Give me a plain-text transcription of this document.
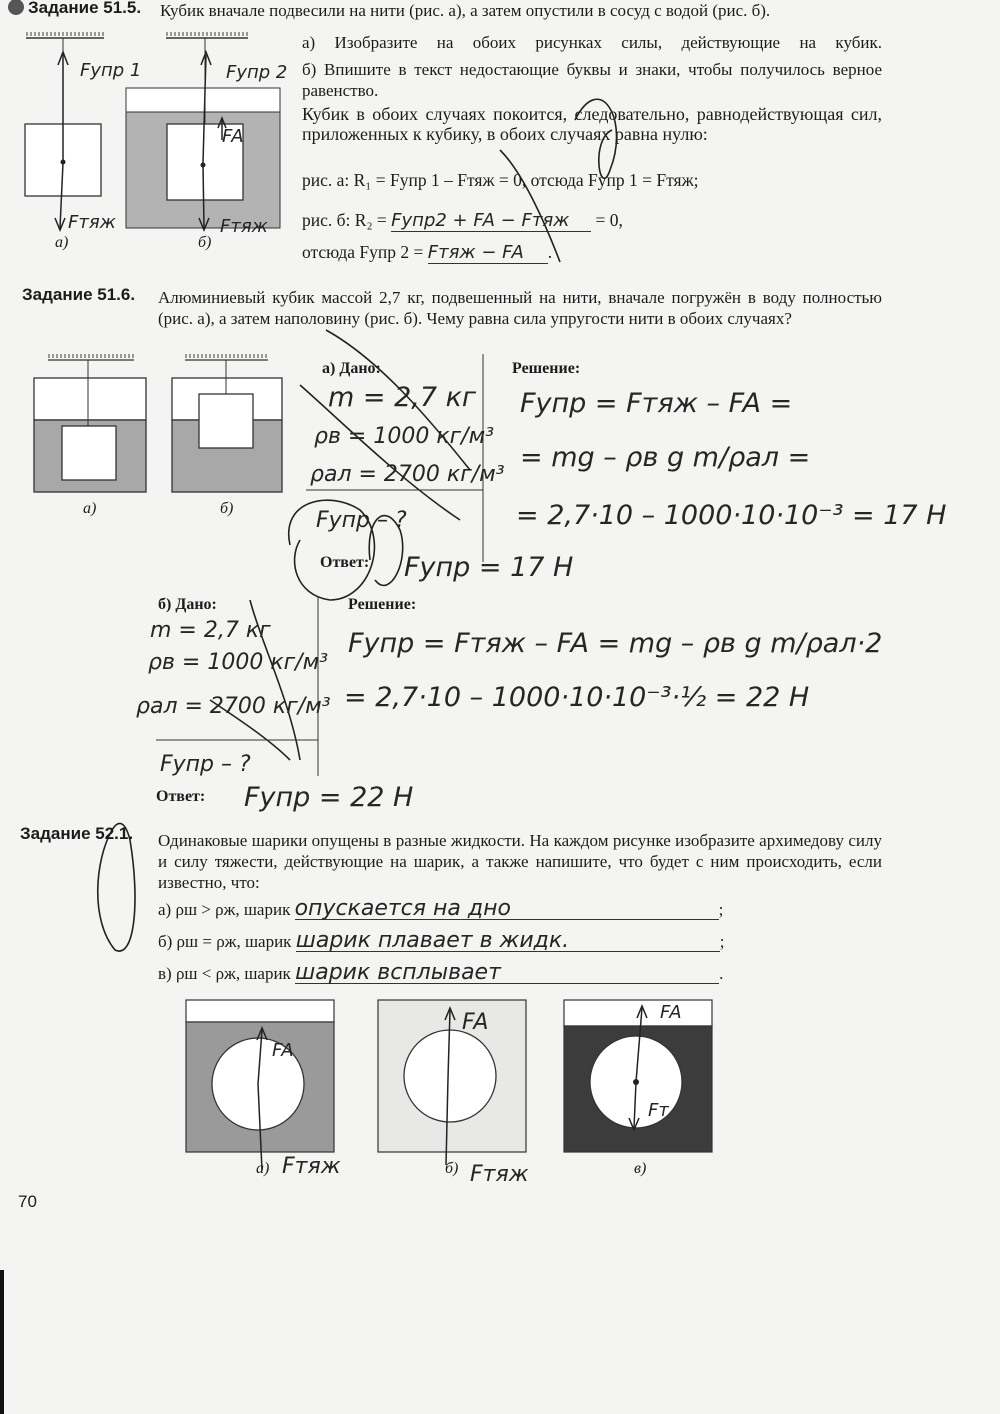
Задание 51.5. Кубик вначале подвесили на нити (рис. а), а затем опустили в сосуд с водой (рис. б).
Fупр 1
Fтяж
Fупр 2
FA
Fтяж
а)	б)
а) Изобразите на обоих рисунках силы, действующие на кубик.
б) Впишите в текст недостающие буквы и знаки, чтобы получилось верное равенство.
Кубик в обоих случаях покоится, следовательно, равнодействующая сил, приложенных к кубику, в обоих случаях равна нулю:
рис. а: R₁ = Fупр 1 – Fтяж = 0, отсюда Fупр 1 = Fтяж;
рис. б: R₂ = Fупр2 + FA − Fтяж = 0,
отсюда Fупр 2 = Fтяж − FA .
Задание 51.6. Алюминиевый кубик массой 2,7 кг, подвешенный на нити, вначале погружён в воду полностью (рис. а), а затем наполовину (рис. б). Чему равна сила упругости нити в обоих случаях?
а)	б)
а) Дано:	Решение:
m = 2,7 кг
ρв = 1000 кг/м³
ρал = 2700 кг/м³
Fупр – ?
Fупр = Fтяж – FA =
= mg – ρв g m/ρал =
= 2,7·10 – 1000·10·10⁻³ = 17 Н
Ответ: Fупр = 17 Н
б) Дано:	Решение:
m = 2,7 кг
ρв = 1000 кг/м³
ρал = 2700 кг/м³
Fупр – ?
Fупр = Fтяж – FA = mg – ρв g m/ρал·2
= 2,7·10 – 1000·10·10⁻³·½ = 22 Н
Ответ: Fупр = 22 Н
Задание 52.1. Одинаковые шарики опущены в разные жидкости. На каждом рисунке изобразите архимедову силу и силу тяжести, действующие на шарик, а также напишите, что будет с ним происходить, если известно, что:
а) ρш > ρж, шарик опускается на дно	;
б) ρш = ρж, шарик шарик плавает в жидк.	;
в) ρш < ρж, шарик шарик всплывает	.
FA
Fтяж
FA
Fтяж
FA
Fт
а)	б)	в)
70
